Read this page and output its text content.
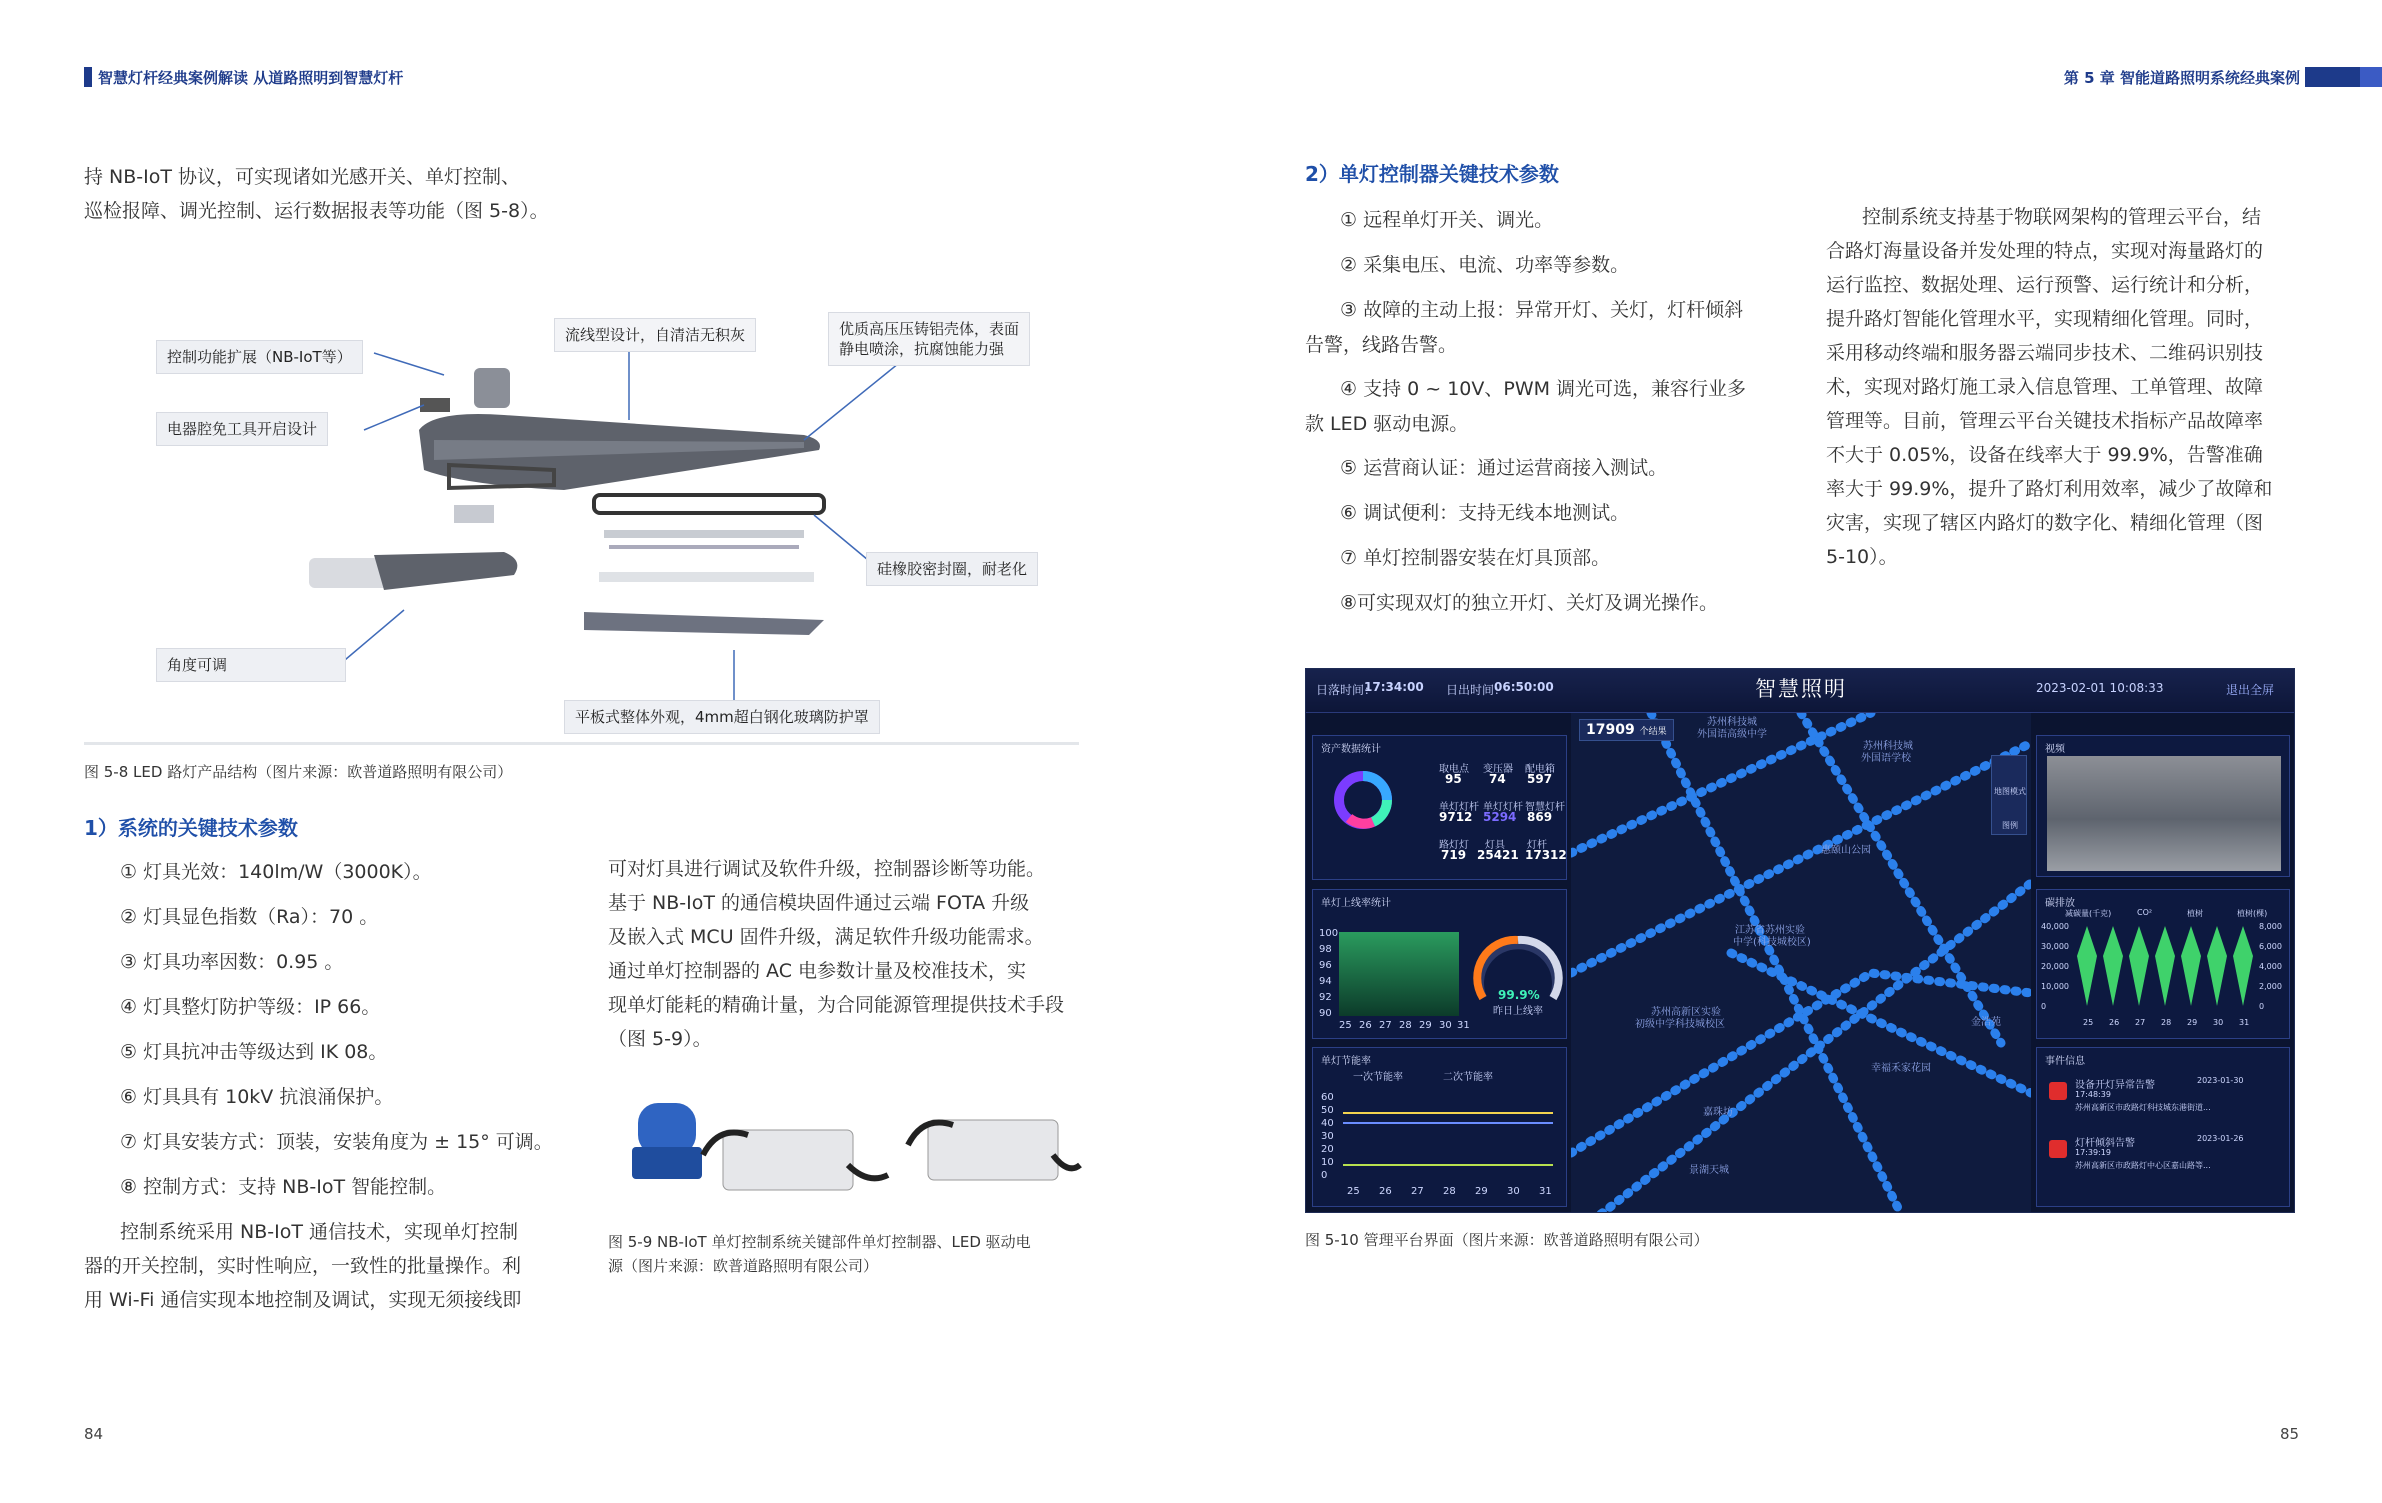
智慧灯杆经典案例解读 从道路照明到智慧灯杆	第 5 章 智能道路照明系统经典案例
持 NB-IoT 协议，可实现诸如光感开关、单灯控制、
巡检报障、调光控制、运行数据报表等功能（图 5-8）。
控制功能扩展（NB-IoT等）
流线型设计，自清洁无积灰	优质高压压铸铝壳体，表面
静电喷涂，抗腐蚀能力强
电器腔免工具开启设计
硅橡胶密封圈，耐老化
角度可调
平板式整体外观，4mm超白钢化玻璃防护罩
图 5-8 LED 路灯产品结构（图片来源：欧普道路照明有限公司）
1）系统的关键技术参数
① 灯具光效：140lm/W（3000K）。
② 灯具显色指数（Ra）：70 。
③ 灯具功率因数：0.95 。
④ 灯具整灯防护等级：IP 66。
⑤ 灯具抗冲击等级达到 IK 08。
⑥ 灯具具有 10kV 抗浪涌保护。
⑦ 灯具安装方式：顶装，安装角度为 ± 15° 可调。
⑧ 控制方式：支持 NB-IoT 智能控制。
控制系统采用 NB-IoT 通信技术，实现单灯控制
器的开关控制，实时性响应，一致性的批量操作。利
用 Wi-Fi 通信实现本地控制及调试，实现无须接线即
可对灯具进行调试及软件升级，控制器诊断等功能。
基于 NB-IoT 的通信模块固件通过云端 FOTA 升级
及嵌入式 MCU 固件升级，满足软件升级功能需求。
通过单灯控制器的 AC 电参数计量及校准技术，实
现单灯能耗的精确计量，为合同能源管理提供技术手段
（图 5-9）。
图 5-9 NB-IoT 单灯控制系统关键部件单灯控制器、LED 驱动电
源（图片来源：欧普道路照明有限公司）
84
2）单灯控制器关键技术参数
① 远程单灯开关、调光。
② 采集电压、电流、功率等参数。
③ 故障的主动上报：异常开灯、关灯，灯杆倾斜
告警，线路告警。
④ 支持 0 ~ 10V、PWM 调光可选，兼容行业多
款 LED 驱动电源。
⑤ 运营商认证：通过运营商接入测试。
⑥ 调试便利：支持无线本地测试。
⑦ 单灯控制器安装在灯具顶部。
⑧可实现双灯的独立开灯、关灯及调光操作。
控制系统支持基于物联网架构的管理云平台，结
合路灯海量设备并发处理的特点，实现对海量路灯的
运行监控、数据处理、运行预警、运行统计和分析，
提升路灯智能化管理水平，实现精细化管理。同时，
采用移动终端和服务器云端同步技术、二维码识别技
术，实现对路灯施工录入信息管理、工单管理、故障
管理等。目前，管理云平台关键技术指标产品故障率
不大于 0.05%，设备在线率大于 99.9%，告警准确
率大于 99.9%，提升了路灯利用效率，减少了故障和
灾害，实现了辖区内路灯的数字化、精细化管理（图
5-10）。
日落时间：
17:34:00 日出时间：
06:50:00	智慧照明	2023-02-01 10:08:33	退出全屏
资产数据统计
取电点 变压器 配电箱
95 74 597
单灯灯杆 单灯灯杆 智慧灯杆
9712 5294 869
路灯灯 灯具 灯杆
719 25421 17312
单灯上线率统计
100
98
96
94
92
90
25 26 27 28 29 30 31
99.9%
昨日上线率
单灯节能率
一次节能率	二次节能率
60
50
40
30
20
10
0
25 26 27 28 29 30 31
17909 个结果
苏州科技城
外国语高级中学
苏州科技城
外国语学校
惠颐山公园
江苏省苏州实验
中学(科技城校区)
苏州高新区实验
初级中学科技城校区
幸福禾家花园
景湖天城
嘉珠坊
金浩苑
地图模式
图例
视频
碳排放
减碳量(千克)	CO²	植树	植树(棵)
40,000
30,000
20,000
10,000
0
8,000
6,000
4,000
2,000
0
25 26 27 28 29 30 31
事件信息
设备开灯异常告警	2023-01-30
17:48:39
苏州高新区市政路灯科技城东港街道...
灯杆倾斜告警	2023-01-26
17:39:19
苏州高新区市政路灯中心区嘉山路等...
图 5-10 管理平台界面（图片来源：欧普道路照明有限公司）
85
